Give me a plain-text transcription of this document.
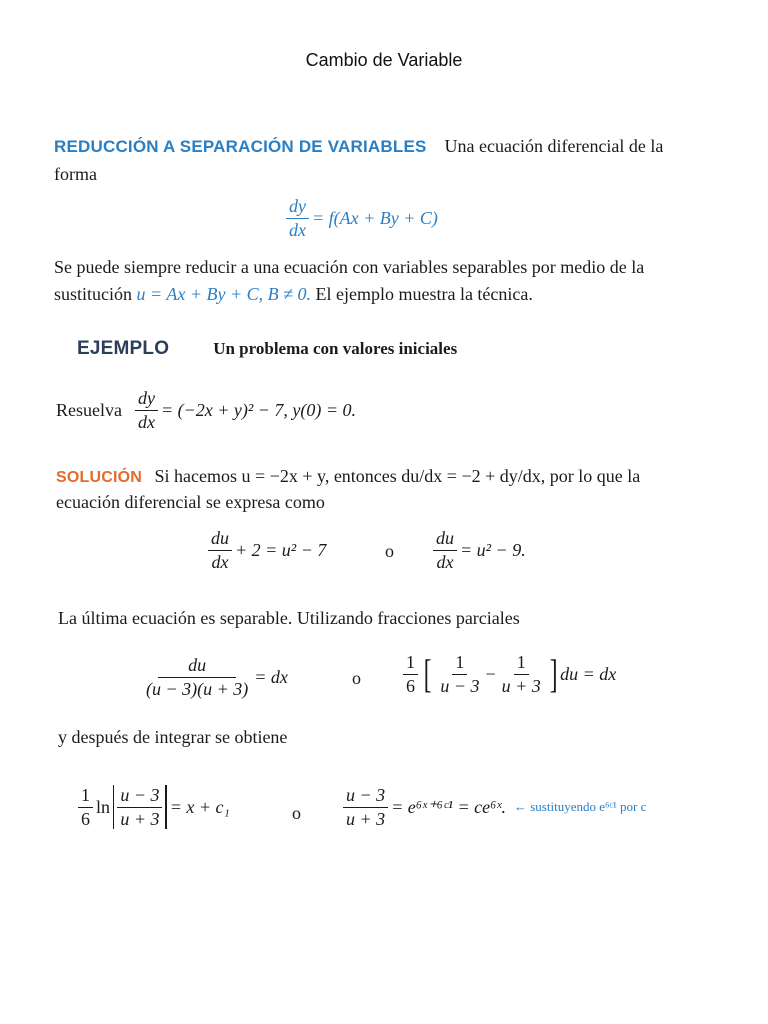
Cambio de Variable
REDUCCIÓN A SEPARACIÓN DE VARIABLES Una ecuación diferencial de la
forma
$\frac{dy}{dx} = f(Ax + By + C)$
Se puede siempre reducir a una ecuación con variables separables por medio de la
sustitución u = Ax + By + C, B ≠ 0. El ejemplo muestra la técnica.
EJEMPLO	Un problema con valores iniciales
Resuelva $\frac{dy}{dx} = (-2x + y)^2 - 7$, y(0) = 0.
SOLUCIÓN Si hacemos u = −2x + y, entonces du/dx = −2 + dy/dx, por lo que la
ecuación diferencial se expresa como
$\frac{du}{dx} + 2 = u^2 - 7$	o $\frac{du}{dx} = u^2 - 9$.
La última ecuación es separable. Utilizando fracciones parciales
$\frac{du}{(u - 3)(u + 3)}$ = dx	o $\frac{1}{6}$ [ $\frac{1}{u - 3} - \frac{1}{u + 3}$ ] du = dx
y después de integrar se obtiene
$\frac{1}{6}$ $\ln \frac{u - 3}{u + 3} = x + c_1$	o $\frac{u - 3}{u + 3}$ = e⁶ˣ⁺⁶ᶜ¹ = ce⁶ˣ. ← sustituyendo e⁶ᶜ¹ por c
